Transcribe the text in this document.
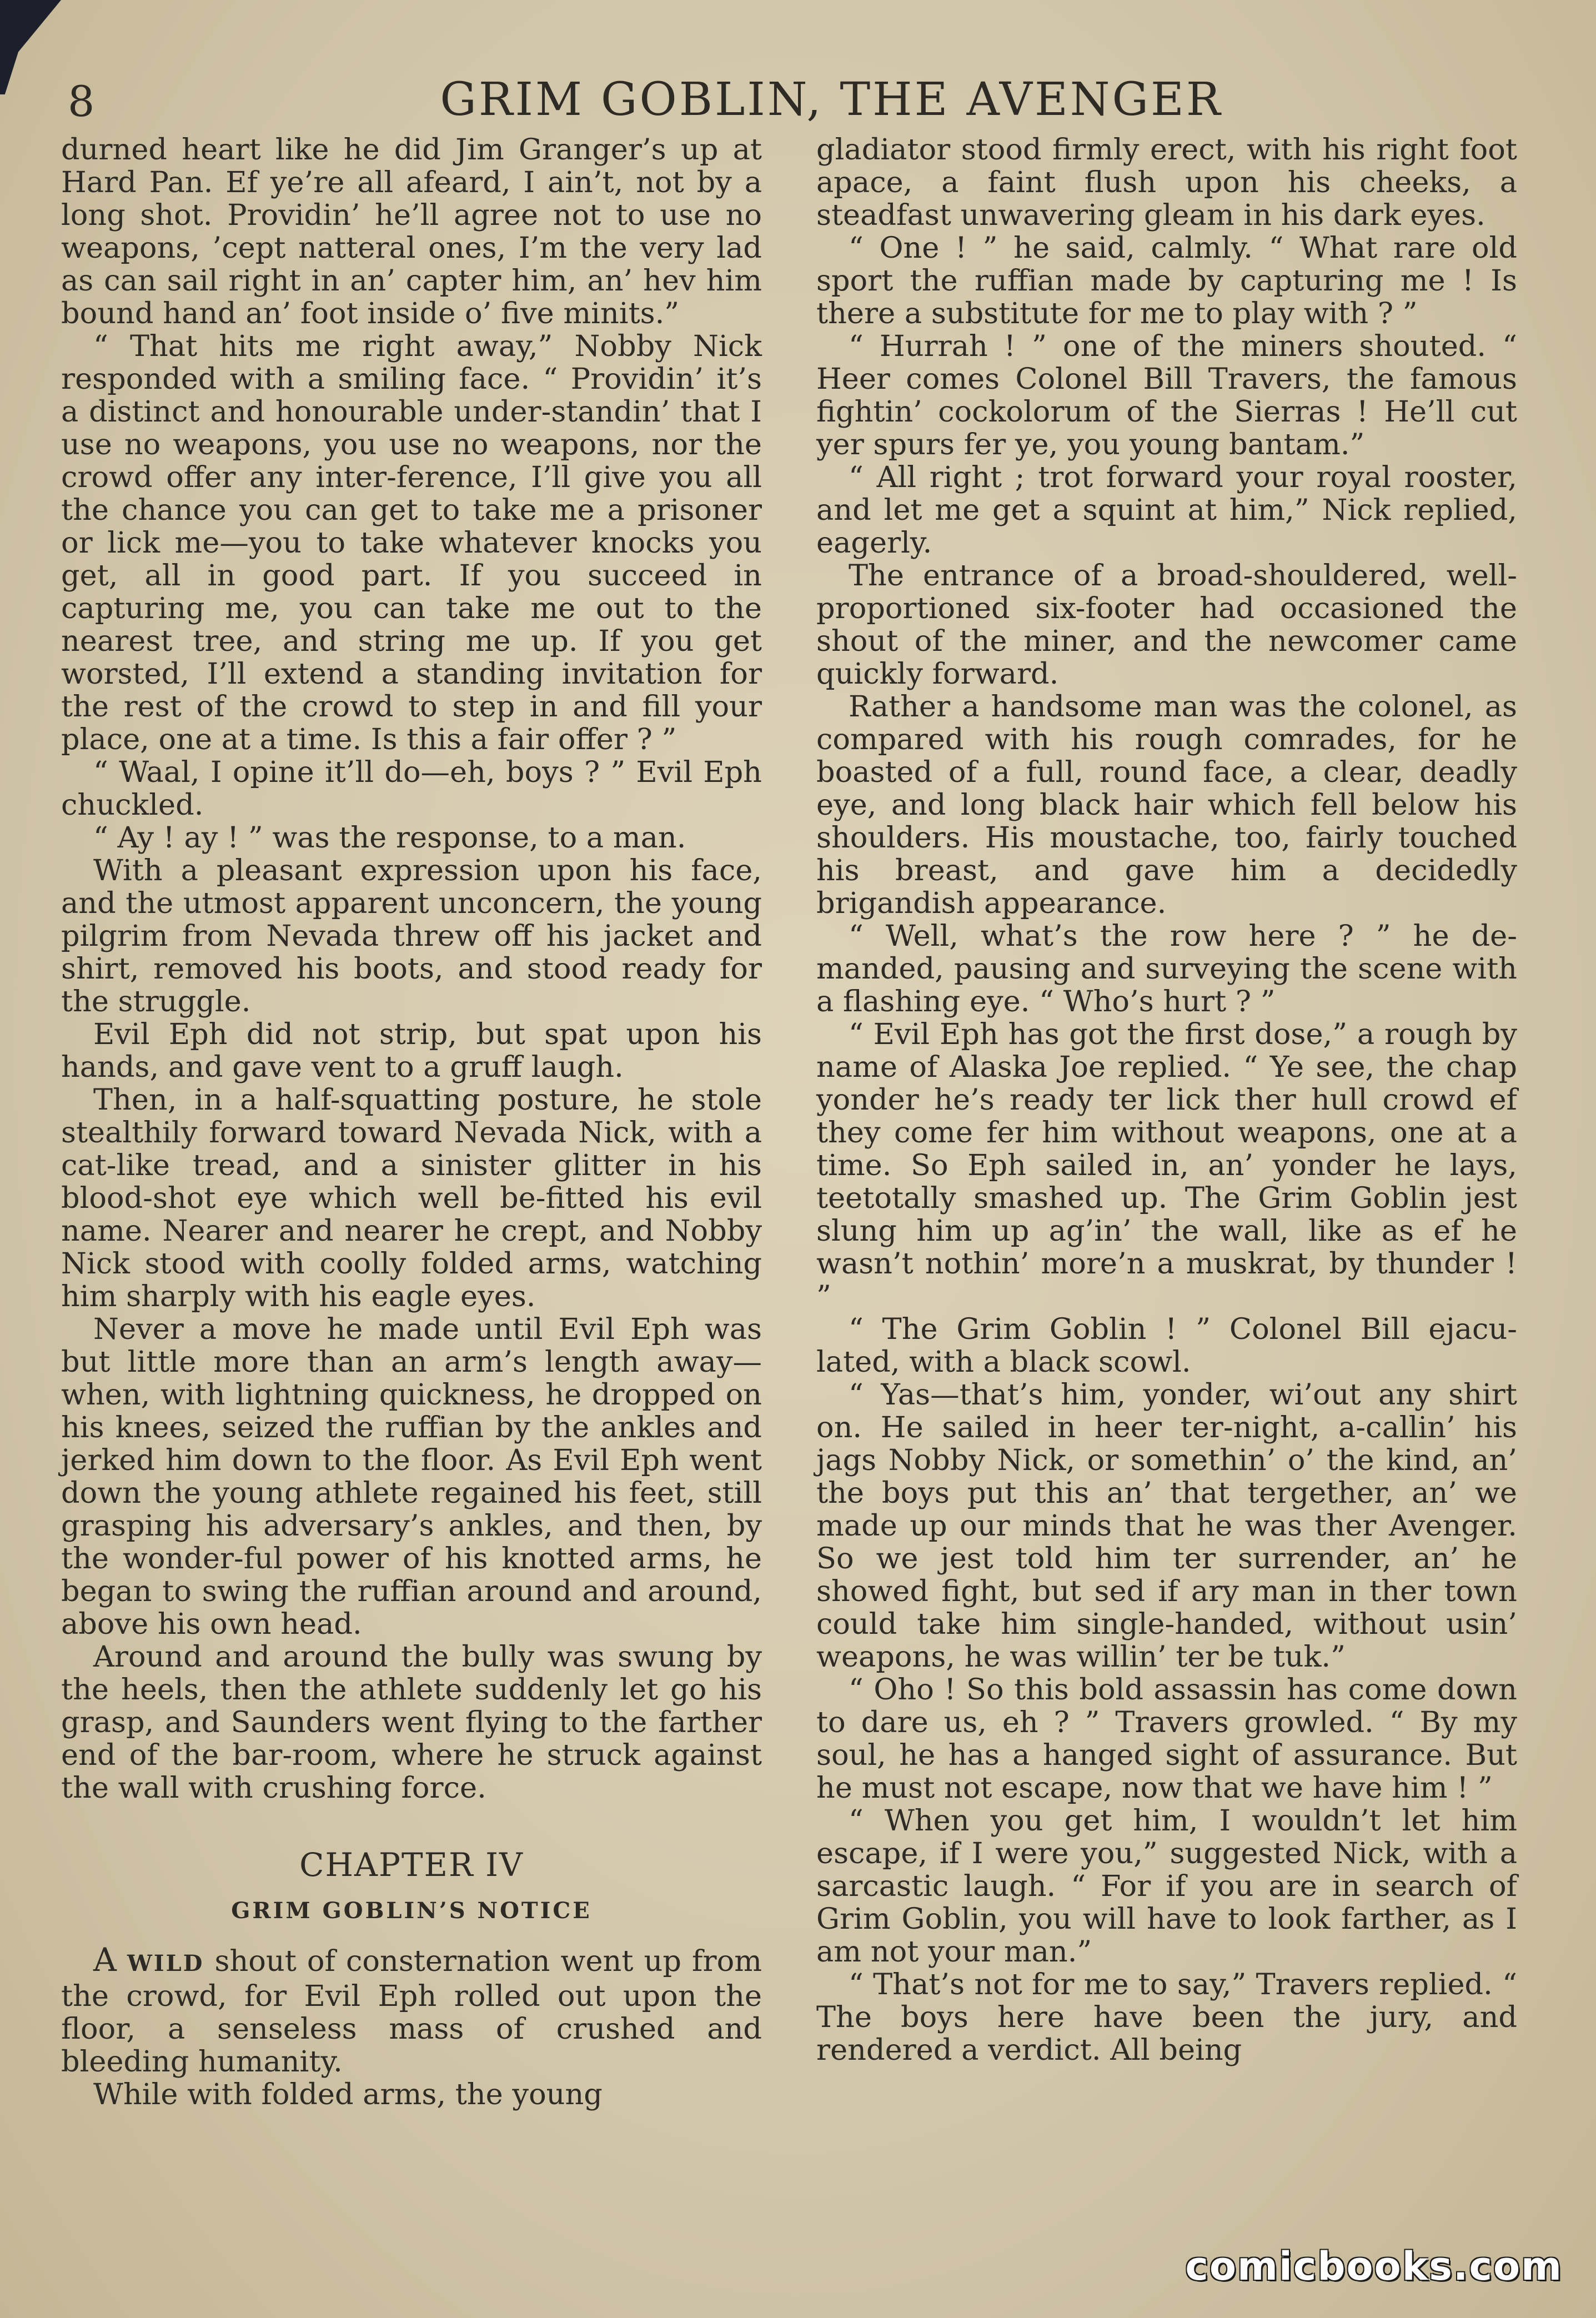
8	GRIM GOBLIN, THE AVENGER

durned heart like he did Jim Granger’s up at Hard Pan. Ef ye’re all afeard, I ain’t, not by a long shot. Providin’ he’ll agree not to use no weapons, ’cept natteral ones, I’m the very lad as can sail right in an’ capter him, an’ hev him bound hand an’ foot inside o’ five minits.”

“ That hits me right away,” Nobby Nick responded with a smiling face. “ Providin’ it’s a distinct and honourable under-standin’ that I use no weapons, you use no weapons, nor the crowd offer any inter-ference, I’ll give you all the chance you can get to take me a prisoner or lick me—you to take whatever knocks you get, all in good part. If you succeed in capturing me, you can take me out to the nearest tree, and string me up. If you get worsted, I’ll extend a standing invitation for the rest of the crowd to step in and fill your place, one at a time. Is this a fair offer ? ”

“ Waal, I opine it’ll do—eh, boys ? ” Evil Eph chuckled.

“ Ay ! ay ! ” was the response, to a man.

With a pleasant expression upon his face, and the utmost apparent unconcern, the young pilgrim from Nevada threw off his jacket and shirt, removed his boots, and stood ready for the struggle.

Evil Eph did not strip, but spat upon his hands, and gave vent to a gruff laugh.

Then, in a half-squatting posture, he stole stealthily forward toward Nevada Nick, with a cat-like tread, and a sinister glitter in his blood-shot eye which well be-fitted his evil name. Nearer and nearer he crept, and Nobby Nick stood with coolly folded arms, watching him sharply with his eagle eyes.

Never a move he made until Evil Eph was but little more than an arm’s length away—when, with lightning quickness, he dropped on his knees, seized the ruffian by the ankles and jerked him down to the floor. As Evil Eph went down the young athlete regained his feet, still grasping his adversary’s ankles, and then, by the wonder-ful power of his knotted arms, he began to swing the ruffian around and around, above his own head.

Around and around the bully was swung by the heels, then the athlete suddenly let go his grasp, and Saunders went flying to the farther end of the bar-room, where he struck against the wall with crushing force.

CHAPTER IV
GRIM GOBLIN’S NOTICE

A WILD shout of consternation went up from the crowd, for Evil Eph rolled out upon the floor, a senseless mass of crushed and bleeding humanity.

While with folded arms, the young

gladiator stood firmly erect, with his right foot apace, a faint flush upon his cheeks, a steadfast unwavering gleam in his dark eyes.

“ One ! ” he said, calmly. “ What rare old sport the ruffian made by capturing me ! Is there a substitute for me to play with ? ”

“ Hurrah ! ” one of the miners shouted. “ Heer comes Colonel Bill Travers, the famous fightin’ cockolorum of the Sierras ! He’ll cut yer spurs fer ye, you young bantam.”

“ All right ; trot forward your royal rooster, and let me get a squint at him,” Nick replied, eagerly.

The entrance of a broad-shouldered, well-proportioned six-footer had occasioned the shout of the miner, and the newcomer came quickly forward.

Rather a handsome man was the colonel, as compared with his rough comrades, for he boasted of a full, round face, a clear, deadly eye, and long black hair which fell below his shoulders. His moustache, too, fairly touched his breast, and gave him a decidedly brigandish appearance.

“ Well, what’s the row here ? ” he de-manded, pausing and surveying the scene with a flashing eye. “ Who’s hurt ? ”

“ Evil Eph has got the first dose,” a rough by name of Alaska Joe replied. “ Ye see, the chap yonder he’s ready ter lick ther hull crowd ef they come fer him without weapons, one at a time. So Eph sailed in, an’ yonder he lays, teetotally smashed up. The Grim Goblin jest slung him up ag’in’ the wall, like as ef he wasn’t nothin’ more’n a muskrat, by thunder ! ”

“ The Grim Goblin ! ” Colonel Bill ejacu-lated, with a black scowl.

“ Yas—that’s him, yonder, wi’out any shirt on. He sailed in heer ter-night, a-callin’ his jags Nobby Nick, or somethin’ o’ the kind, an’ the boys put this an’ that tergether, an’ we made up our minds that he was ther Avenger. So we jest told him ter surrender, an’ he showed fight, but sed if ary man in ther town could take him single-handed, without usin’ weapons, he was willin’ ter be tuk.”

“ Oho ! So this bold assassin has come down to dare us, eh ? ” Travers growled. “ By my soul, he has a hanged sight of assurance. But he must not escape, now that we have him ! ”

“ When you get him, I wouldn’t let him escape, if I were you,” suggested Nick, with a sarcastic laugh. “ For if you are in search of Grim Goblin, you will have to look farther, as I am not your man.”

“ That’s not for me to say,” Travers replied. “ The boys here have been the jury, and rendered a verdict. All being

comicbooks.com
